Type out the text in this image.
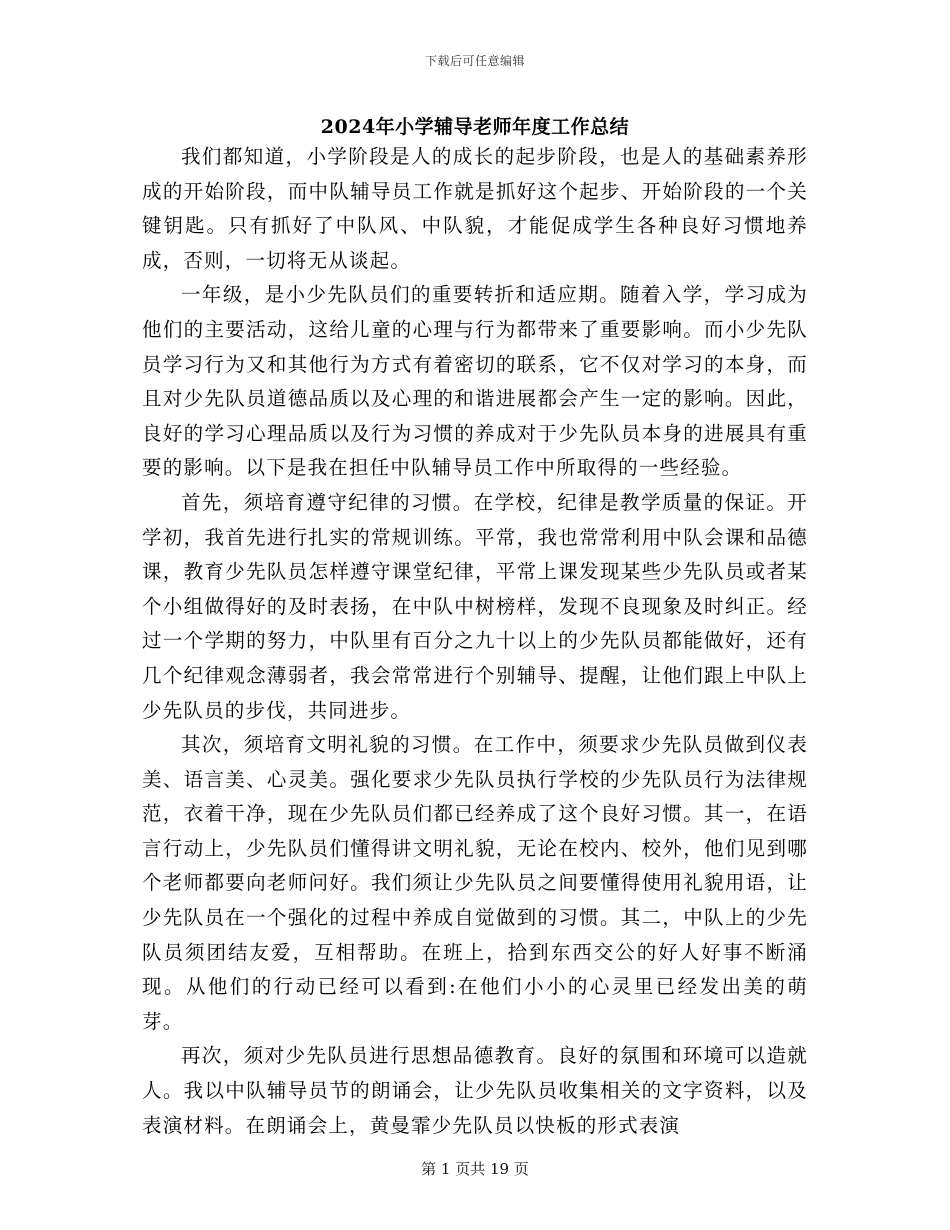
下载后可任意编辑
2024年小学辅导老师年度工作总结

我们都知道，小学阶段是人的成长的起步阶段，也是人的基础素养形成的开始阶段，而中队辅导员工作就是抓好这个起步、开始阶段的一个关键钥匙。只有抓好了中队风、中队貌，才能促成学生各种良好习惯地养成，否则，一切将无从谈起。

一年级，是小少先队员们的重要转折和适应期。随着入学，学习成为他们的主要活动，这给儿童的心理与行为都带来了重要影响。而小少先队员学习行为又和其他行为方式有着密切的联系，它不仅对学习的本身，而且对少先队员道德品质以及心理的和谐进展都会产生一定的影响。因此，良好的学习心理品质以及行为习惯的养成对于少先队员本身的进展具有重要的影响。以下是我在担任中队辅导员工作中所取得的一些经验。

首先，须培育遵守纪律的习惯。在学校，纪律是教学质量的保证。开学初，我首先进行扎实的常规训练。平常，我也常常利用中队会课和品德课，教育少先队员怎样遵守课堂纪律，平常上课发现某些少先队员或者某个小组做得好的及时表扬，在中队中树榜样，发现不良现象及时纠正。经过一个学期的努力，中队里有百分之九十以上的少先队员都能做好，还有几个纪律观念薄弱者，我会常常进行个别辅导、提醒，让他们跟上中队上少先队员的步伐，共同进步。

其次，须培育文明礼貌的习惯。在工作中，须要求少先队员做到仪表美、语言美、心灵美。强化要求少先队员执行学校的少先队员行为法律规范，衣着干净，现在少先队员们都已经养成了这个良好习惯。其一，在语言行动上，少先队员们懂得讲文明礼貌，无论在校内、校外，他们见到哪个老师都要向老师问好。我们须让少先队员之间要懂得使用礼貌用语，让少先队员在一个强化的过程中养成自觉做到的习惯。其二，中队上的少先队员须团结友爱，互相帮助。在班上，拾到东西交公的好人好事不断涌现。从他们的行动已经可以看到:在他们小小的心灵里已经发出美的萌芽。

再次，须对少先队员进行思想品德教育。良好的氛围和环境可以造就人。我以中队辅导员节的朗诵会，让少先队员收集相关的文字资料，以及表演材料。在朗诵会上，黄曼霏少先队员以快板的形式表演

第 1 页共 19 页
